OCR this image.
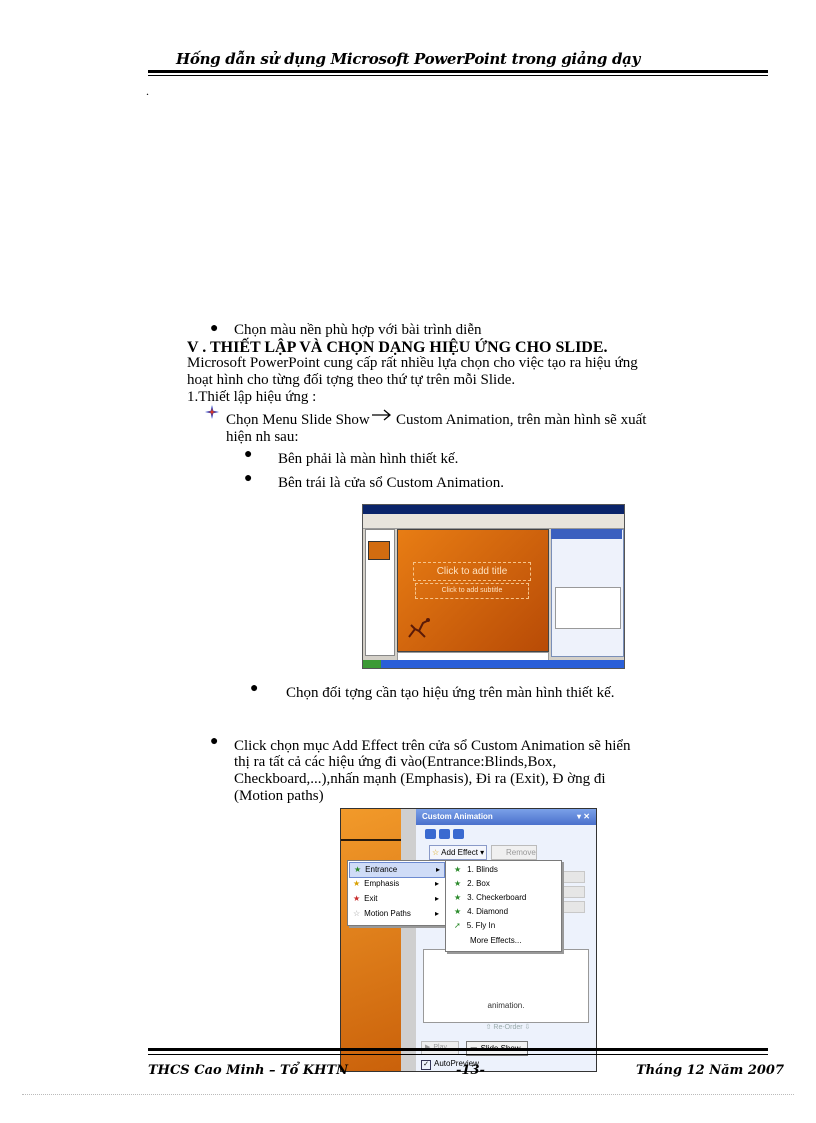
Hống dẫn sử dụng Microsoft PowerPoint trong giảng dạy
.
● Chọn màu nền phù hợp với bài trình diễn
V . THIẾT LẬP VÀ CHỌN DẠNG HIỆU ỨNG CHO SLIDE.
Microsoft PowerPoint cung cấp rất nhiều lựa chọn cho việc tạo ra hiệu ứng
hoạt hình cho từng đối tợng theo thứ tự trên mỗi Slide.
1.Thiết lập hiệu ứng :
Chọn Menu Slide Show Custom Animation, trên màn hình sẽ xuất
hiện nh sau:
● Bên phải là màn hình thiết kế.
● Bên trái là cửa sổ Custom Animation.
Click to add title
Click to add subtitle
● Chọn đối tợng cần tạo hiệu ứng trên màn hình thiết kế.
● Click chọn mục Add Effect trên cửa sổ Custom Animation sẽ hiển
thị ra tất cả các hiệu ứng đi vào(Entrance:Blinds,Box,
Checkboard,...),nhấn mạnh (Emphasis), Đi ra (Exit), Đ ờng đi
(Motion paths)
Custom Animation	▾ ✕
☆ Add Effect ▾	Remove
animation.
★ Entrance	▸
★ Emphasis	▸
★ Exit	▸
☆ Motion Paths	▸
★ 1. Blinds
★ 2. Box
★ 3. Checkerboard
★ 4. Diamond
➚ 5. Fly In
More Effects...
⇧ Re-Order ⇩
✓ AutoPreview
THCS Cao Minh – Tổ KHTN	-13-	Tháng 12 Năm 2007
